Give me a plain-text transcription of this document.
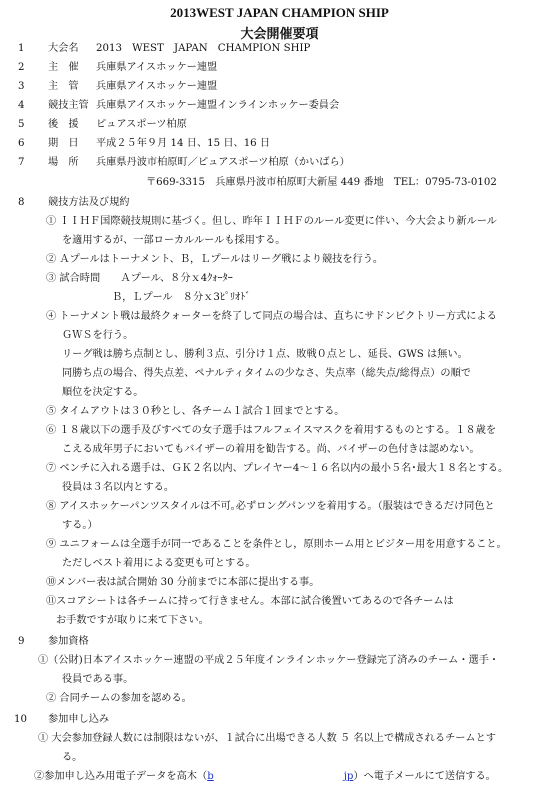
2013WEST JAPAN CHAMPION SHIP
大会開催要項
1 大会名 2013　WEST　JAPAN　CHAMPION SHIP
2 主　催 兵庫県アイスホッケー連盟
3 主　管 兵庫県アイスホッケー連盟
4 競技主管 兵庫県アイスホッケー連盟インラインホッケー委員会
5 後　援 ピュアスポーツ柏原
6 期　日 平成２５年９月 14 日、15 日、16 日
7 場　所 兵庫県丹波市柏原町／ピュアスポーツ柏原（かいばら）
〒669-3315　兵庫県丹波市柏原町大新屋 449 番地　TEL：0795-73-0102
8 競技方法及び規約
① ＩＩＨＦ国際競技規則に基づく。但し、昨年ＩＩＨＦのルール変更に伴い、今大会より新ルール
を適用するが、一部ローカルルールも採用する。
② Ａプールはトーナメント、Ｂ，Ｌプールはリーグ戦により競技を行う。
③ 試合時間　　Ａプール、８分ｘ4ｸｫｰﾀｰ
Ｂ，Ｌプール　８分ｘ3ﾋﾟﾘｵﾄﾞ
④ トーナメント戦は最終クォーターを終了して同点の場合は、直ちにサドンビクトリー方式による
ＧＷＳを行う。
リーグ戦は勝ち点制とし、勝利３点、引分け１点、敗戦０点とし、延長、GWS は無い。
同勝ち点の場合、得失点差、ペナルティタイムの少なさ、失点率（総失点/総得点）の順で
順位を決定する。
⑤ タイムアウトは３０秒とし、各チーム１試合１回までとする。
⑥ １８歳以下の選手及びすべての女子選手はフルフェイスマスクを着用するものとする。１８歳を
こえる成年男子においてもバイザーの着用を勧告する。尚、バイザーの色付きは認めない。
⑦ ベンチに入れる選手は、ＧＫ２名以内、プレイヤー4～１６名以内の最小５名･最大１８名とする。
役員は３名以内とする。
⑧ アイスホッケーパンツスタイルは不可｡必ずロングパンツを着用する。（服装はできるだけ同色と
する。）
⑨ ユニフォームは全選手が同一であることを条件とし，原則ホーム用とビジター用を用意すること。
ただしベスト着用による変更も可とする。
⑩メンバー表は試合開始 30 分前までに本部に提出する事。
⑪スコアシートは各チームに持って行きません。本部に試合後置いてあるので各チームは
お手数ですが取りに来て下さい。
9 参加資格
①（公財)日本アイスホッケー連盟の平成２５年度インラインホッケー登録完了済みのチーム・選手・
役員である事。
② 合同チームの参加を認める。
10 参加申し込み
① 大会参加登録人数には制限はないが、１試合に出場できる人数 ５ 名以上で構成されるチームとす
る。
②参加申し込み用電子データを高木（b	jp）へ電子メールにて送信する。
